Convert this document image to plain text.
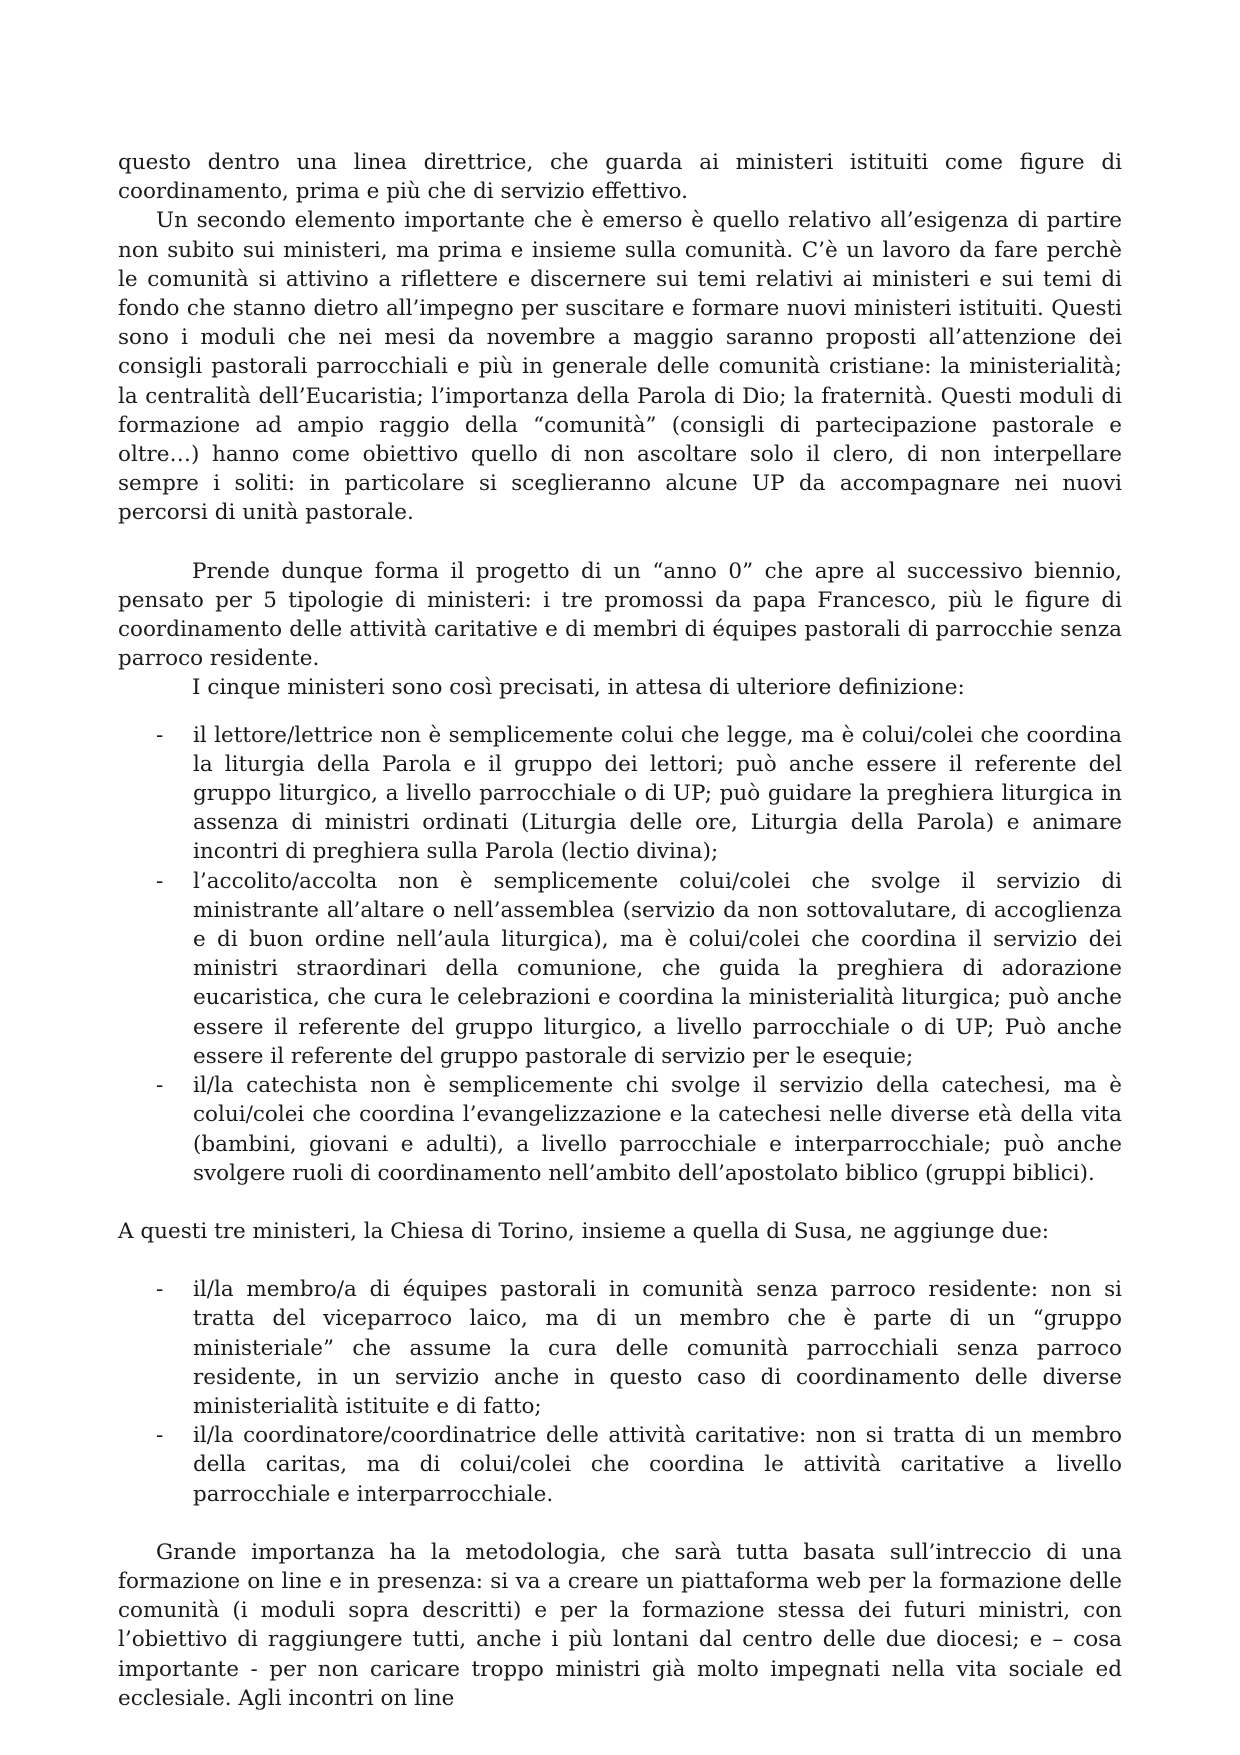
questo dentro una linea direttrice, che guarda ai ministeri istituiti come figure di coordinamento, prima e più che di servizio effettivo.

Un secondo elemento importante che è emerso è quello relativo all’esigenza di partire non subito sui ministeri, ma prima e insieme sulla comunità. C’è un lavoro da fare perchè le comunità si attivino a riflettere e discernere sui temi relativi ai ministeri e sui temi di fondo che stanno dietro all’impegno per suscitare e formare nuovi ministeri istituiti. Questi sono i moduli che nei mesi da novembre a maggio saranno proposti all’attenzione dei consigli pastorali parrocchiali e più in generale delle comunità cristiane: la ministerialità; la centralità dell’Eucaristia; l’importanza della Parola di Dio; la fraternità. Questi moduli di formazione ad ampio raggio della “comunità” (consigli di partecipazione pastorale e oltre…) hanno come obiettivo quello di non ascoltare solo il clero, di non interpellare sempre i soliti: in particolare si sceglieranno alcune UP da accompagnare nei nuovi percorsi di unità pastorale.

Prende dunque forma il progetto di un “anno 0” che apre al successivo biennio, pensato per 5 tipologie di ministeri: i tre promossi da papa Francesco, più le figure di coordinamento delle attività caritative e di membri di équipes pastorali di parrocchie senza parroco residente.

I cinque ministeri sono così precisati, in attesa di ulteriore definizione:

- il lettore/lettrice non è semplicemente colui che legge, ma è colui/colei che coordina la liturgia della Parola e il gruppo dei lettori; può anche essere il referente del gruppo liturgico, a livello parrocchiale o di UP; può guidare la preghiera liturgica in assenza di ministri ordinati (Liturgia delle ore, Liturgia della Parola) e animare incontri di preghiera sulla Parola (lectio divina);
- l’accolito/accolta non è semplicemente colui/colei che svolge il servizio di ministrante all’altare o nell’assemblea (servizio da non sottovalutare, di accoglienza e di buon ordine nell’aula liturgica), ma è colui/colei che coordina il servizio dei ministri straordinari della comunione, che guida la preghiera di adorazione eucaristica, che cura le celebrazioni e coordina la ministerialità liturgica; può anche essere il referente del gruppo liturgico, a livello parrocchiale o di UP; Può anche essere il referente del gruppo pastorale di servizio per le esequie;
- il/la catechista non è semplicemente chi svolge il servizio della catechesi, ma è colui/colei che coordina l’evangelizzazione e la catechesi nelle diverse età della vita (bambini, giovani e adulti), a livello parrocchiale e interparrocchiale; può anche svolgere ruoli di coordinamento nell’ambito dell’apostolato biblico (gruppi biblici).

A questi tre ministeri, la Chiesa di Torino, insieme a quella di Susa, ne aggiunge due:

- il/la membro/a di équipes pastorali in comunità senza parroco residente: non si tratta del viceparroco laico, ma di un membro che è parte di un “gruppo ministeriale” che assume la cura delle comunità parrocchiali senza parroco residente, in un servizio anche in questo caso di coordinamento delle diverse ministerialità istituite e di fatto;
- il/la coordinatore/coordinatrice delle attività caritative: non si tratta di un membro della caritas, ma di colui/colei che coordina le attività caritative a livello parrocchiale e interparrocchiale.

Grande importanza ha la metodologia, che sarà tutta basata sull’intreccio di una formazione on line e in presenza: si va a creare un piattaforma web per la formazione delle comunità (i moduli sopra descritti) e per la formazione stessa dei futuri ministri, con l’obiettivo di raggiungere tutti, anche i più lontani dal centro delle due diocesi; e – cosa importante - per non caricare troppo ministri già molto impegnati nella vita sociale ed ecclesiale. Agli incontri on line
